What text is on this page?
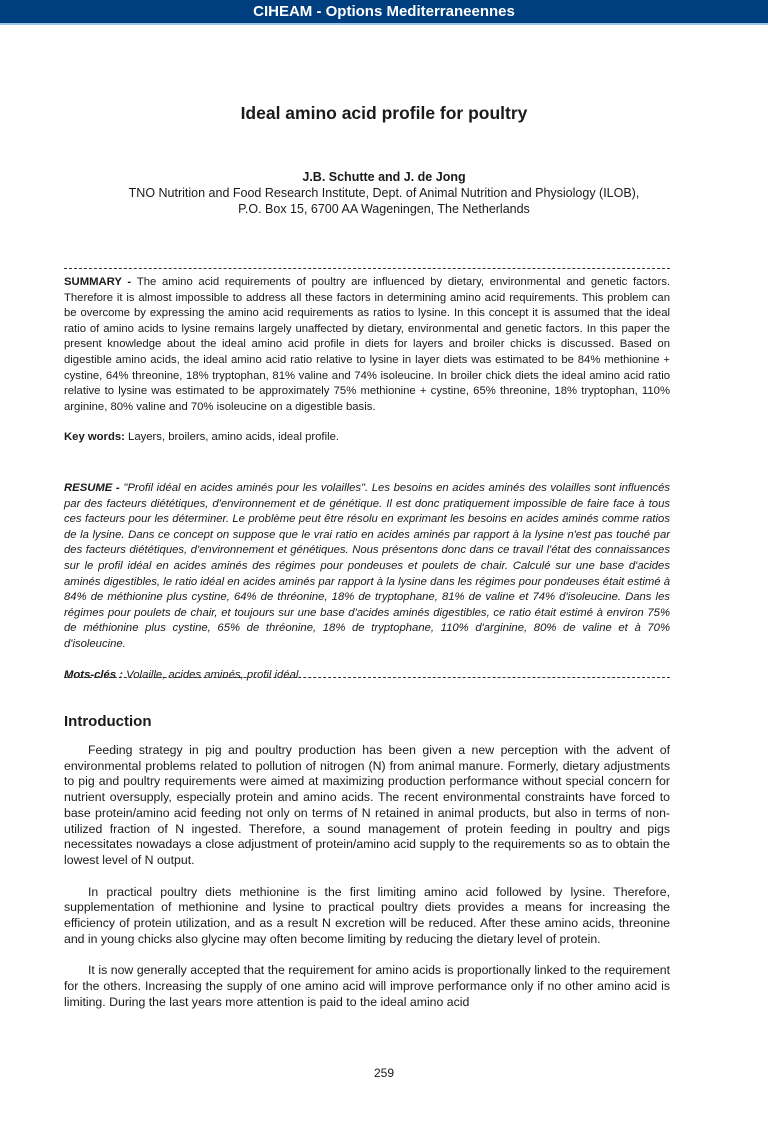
CIHEAM - Options Mediterraneennes
Ideal amino acid profile for poultry
J.B. Schutte and J. de Jong
TNO Nutrition and Food Research Institute, Dept. of Animal Nutrition and Physiology (ILOB),
P.O. Box 15, 6700 AA Wageningen, The Netherlands

SUMMARY - The amino acid requirements of poultry are influenced by dietary, environmental and genetic factors. Therefore it is almost impossible to address all these factors in determining amino acid requirements. This problem can be overcome by expressing the amino acid requirements as ratios to lysine. In this concept it is assumed that the ideal ratio of amino acids to lysine remains largely unaffected by dietary, environmental and genetic factors. In this paper the present knowledge about the ideal amino acid profile in diets for layers and broiler chicks is discussed. Based on digestible amino acids, the ideal amino acid ratio relative to lysine in layer diets was estimated to be 84% methionine + cystine, 64% threonine, 18% tryptophan, 81% valine and 74% isoleucine. In broiler chick diets the ideal amino acid ratio relative to lysine was estimated to be approximately 75% methionine + cystine, 65% threonine, 18% tryptophan, 110% arginine, 80% valine and 70% isoleucine on a digestible basis.

Key words: Layers, broilers, amino acids, ideal profile.

RESUME - "Profil idéal en acides aminés pour les volailles". Les besoins en acides aminés des volailles sont influencés par des facteurs diététiques, d'environnement et de génétique. Il est donc pratiquement impossible de faire face à tous ces facteurs pour les déterminer. Le problème peut être résolu en exprimant les besoins en acides aminés comme ratios de la lysine. Dans ce concept on suppose que le vrai ratio en acides aminés par rapport à la lysine n'est pas touché par des facteurs diététiques, d'environnement et génétiques. Nous présentons donc dans ce travail l'état des connaissances sur le profil idéal en acides aminés des régimes pour pondeuses et poulets de chair. Calculé sur une base d'acides aminés digestibles, le ratio idéal en acides aminés par rapport à la lysine dans les régimes pour pondeuses était estimé à 84% de méthionine plus cystine, 64% de thréonine, 18% de tryptophane, 81% de valine et 74% d'isoleucine. Dans les régimes pour poulets de chair, et toujours sur une base d'acides aminés digestibles, ce ratio était estimé à environ 75% de méthionine plus cystine, 65% de thréonine, 18% de tryptophane, 110% d'arginine, 80% de valine et à 70% d'isoleucine.

Mots-clés : Volaille, acides aminés, profil idéal.

Introduction

Feeding strategy in pig and poultry production has been given a new perception with the advent of environmental problems related to pollution of nitrogen (N) from animal manure. Formerly, dietary adjustments to pig and poultry requirements were aimed at maximizing production performance without special concern for nutrient oversupply, especially protein and amino acids. The recent environmental constraints have forced to base protein/amino acid feeding not only on terms of N retained in animal products, but also in terms of non-utilized fraction of N ingested. Therefore, a sound management of protein feeding in poultry and pigs necessitates nowadays a close adjustment of protein/amino acid supply to the requirements so as to obtain the lowest level of N output.

In practical poultry diets methionine is the first limiting amino acid followed by lysine. Therefore, supplementation of methionine and lysine to practical poultry diets provides a means for increasing the efficiency of protein utilization, and as a result N excretion will be reduced. After these amino acids, threonine and in young chicks also glycine may often become limiting by reducing the dietary level of protein.

It is now generally accepted that the requirement for amino acids is proportionally linked to the requirement for the others. Increasing the supply of one amino acid will improve performance only if no other amino acid is limiting. During the last years more attention is paid to the ideal amino acid

259
